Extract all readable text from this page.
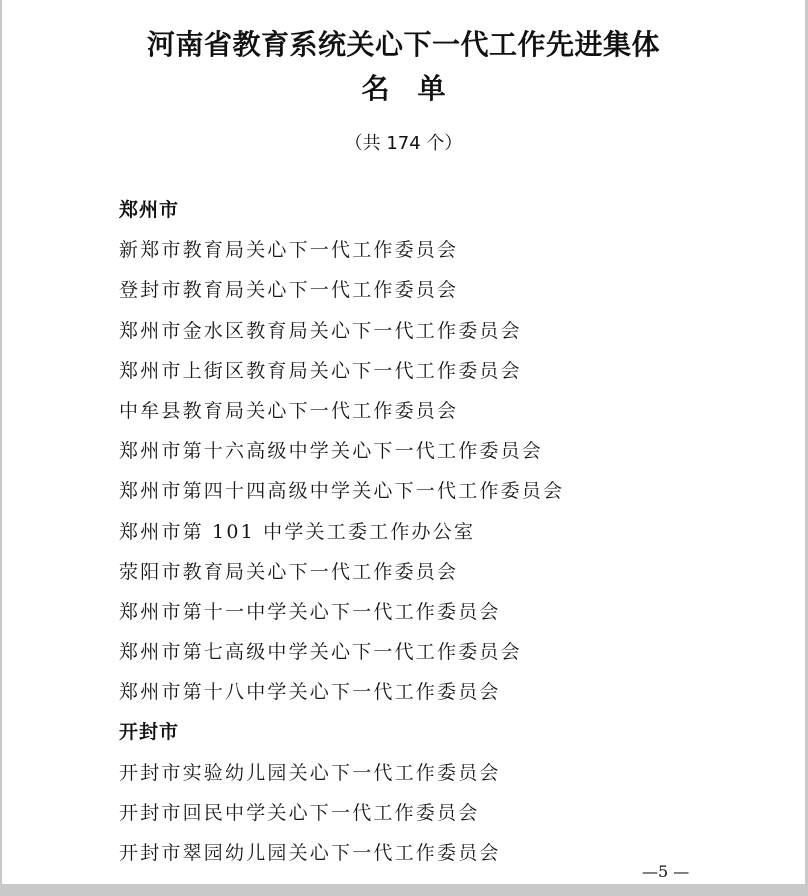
河南省教育系统关心下一代工作先进集体
名单
（共 174 个）
郑州市
新郑市教育局关心下一代工作委员会
登封市教育局关心下一代工作委员会
郑州市金水区教育局关心下一代工作委员会
郑州市上街区教育局关心下一代工作委员会
中牟县教育局关心下一代工作委员会
郑州市第十六高级中学关心下一代工作委员会
郑州市第四十四高级中学关心下一代工作委员会
郑州市第 101 中学关工委工作办公室
荥阳市教育局关心下一代工作委员会
郑州市第十一中学关心下一代工作委员会
郑州市第七高级中学关心下一代工作委员会
郑州市第十八中学关心下一代工作委员会
开封市
开封市实验幼儿园关心下一代工作委员会
开封市回民中学关心下一代工作委员会
开封市翠园幼儿园关心下一代工作委员会
—5 —
